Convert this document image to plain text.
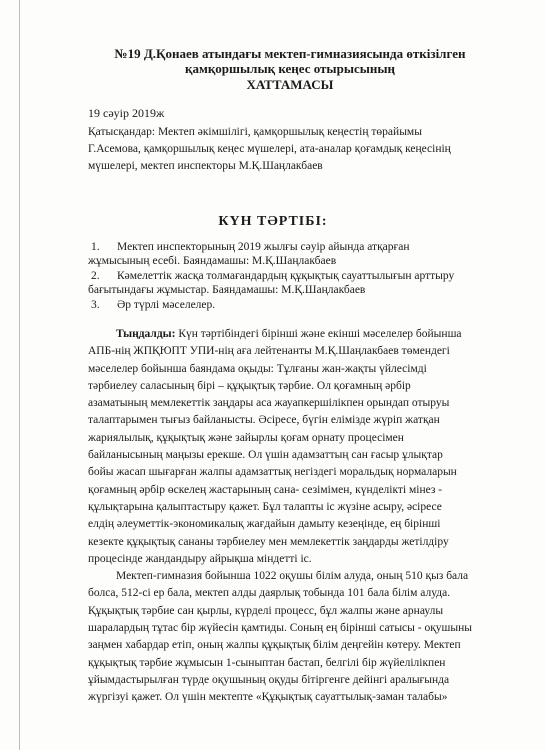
№19 Д.Қонаев атындағы мектеп-гимназиясында өткізілген
қамқоршылық кеңес отырысының
ХАТТАМАСЫ
19 сәуір 2019ж
Қатысқандар: Мектеп әкімшілігі, қамқоршылық кеңестің төрайымы
Г.Асемова, қамқоршылық кеңес мүшелері, ата-аналар қоғамдық кеңесінің
мүшелері, мектеп инспекторы М.Қ.Шаңлакбаев
КҮН ТӘРТІБІ:
1. Мектеп инспекторының 2019 жылғы сәуір айында атқарған
жұмысының есебі. Баяндамашы: М.Қ.Шаңлакбаев
2. Кәмелеттік жасқа толмағандардың құқықтық сауаттылығын арттыру
бағытындағы жұмыстар. Баяндамашы: М.Қ.Шаңлакбаев
3. Әр түрлі мәселелер.
Тыңдалды: Күн тәртібіндегі бірінші және екінші мәселелер бойынша
АПБ-нің ЖПҚЮПТ УПИ-нің аға лейтенанты М.Қ.Шаңлакбаев төмендегі
мәселелер бойынша баяндама оқыды: Тұлғаны жан-жақты үйлесімді
тәрбиелеу саласының бірі – құқықтық тәрбие. Ол қоғамның әрбір
азаматының мемлекеттік заңдары аса жауапкершілікпен орындап отыруы
талаптарымен тығыз байланысты. Әсіресе, бүгін елімізде жүріп жатқан
жариялылық, құқықтық және зайырлы қоғам орнату процесімен
байланысының маңызы ерекше. Ол үшін адамзаттың сан ғасыр ұлықтар
бойы жасап шығарған жалпы адамзаттық негіздегі моральдық нормаларын
қоғамның әрбір өскелең жастарының сана- сезімімен, күнделікті мінез -
құлықтарына қалыптастыру қажет. Бұл талапты іс жүзіне асыру, әсіресе
елдің әлеуметтік-экономикалық жағдайын дамыту кезеңінде, ең бірінші
кезекте құқықтық сананы тәрбиелеу мен мемлекеттік заңдарды жетілдіру
процесінде жандандыру айрықша міндетті іс.
Мектеп-гимназия бойынша 1022 оқушы білім алуда, оның 510 қыз бала
болса, 512-сі ер бала, мектеп алды даярлық тобында 101 бала білім алуда.
Құқықтық тәрбие сан қырлы, күрделі процесс, бұл жалпы және арнаулы
шаралардың тұтас бір жүйесін қамтиды. Соның ең бірінші сатысы - оқушыны
заңмен хабардар етіп, оның жалпы құқықтық білім деңгейін көтеру. Мектеп
құқықтық тәрбие жұмысын 1-сыныптан бастап, белгілі бір жүйелілікпен
ұйымдастырылған түрде оқушының оқуды бітіргенге дейінгі аралығында
жүргізуі қажет. Ол үшін мектепте «Құқықтық сауаттылық-заман талабы»
